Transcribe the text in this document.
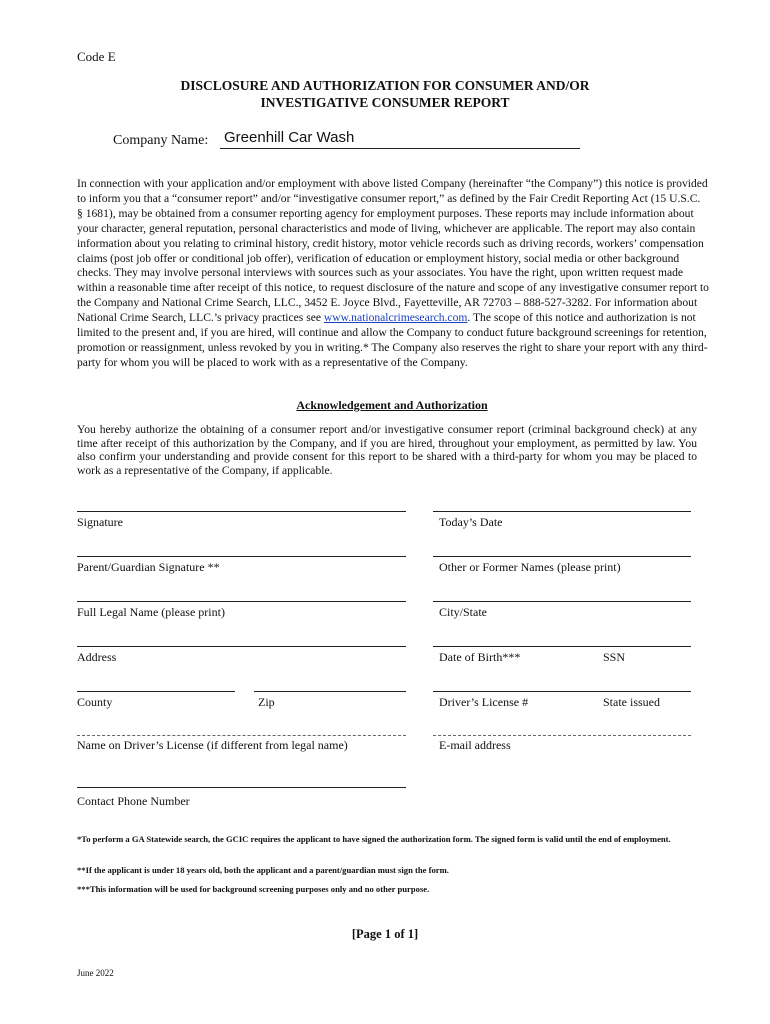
Code E
DISCLOSURE AND AUTHORIZATION FOR CONSUMER AND/OR
INVESTIGATIVE CONSUMER REPORT
Company Name: Greenhill Car Wash
In connection with your application and/or employment with above listed Company (hereinafter “the Company”) this notice is provided to inform you that a “consumer report” and/or “investigative consumer report,” as defined by the Fair Credit Reporting Act (15 U.S.C. § 1681), may be obtained from a consumer reporting agency for employment purposes. These reports may include information about your character, general reputation, personal characteristics and mode of living, whichever are applicable. The report may also contain information about you relating to criminal history, credit history, motor vehicle records such as driving records, workers’ compensation claims (post job offer or conditional job offer), verification of education or employment history, social media or other background checks. They may involve personal interviews with sources such as your associates. You have the right, upon written request made within a reasonable time after receipt of this notice, to request disclosure of the nature and scope of any investigative consumer report to the Company and National Crime Search, LLC., 3452 E. Joyce Blvd., Fayetteville, AR 72703 – 888-527-3282. For information about National Crime Search, LLC.’s privacy practices see www.nationalcrimesearch.com. The scope of this notice and authorization is not limited to the present and, if you are hired, will continue and allow the Company to conduct future background screenings for retention, promotion or reassignment, unless revoked by you in writing.* The Company also reserves the right to share your report with any third-party for whom you will be placed to work with as a representative of the Company.
Acknowledgement and Authorization
You hereby authorize the obtaining of a consumer report and/or investigative consumer report (criminal background check) at any time after receipt of this authorization by the Company, and if you are hired, throughout your employment, as permitted by law. You also confirm your understanding and provide consent for this report to be shared with a third-party for whom you may be placed to work as a representative of the Company, if applicable.
Signature	Today’s Date
Parent/Guardian Signature **	Other or Former Names (please print)
Full Legal Name (please print)	City/State
Address	Date of Birth***	SSN
County	Zip	Driver’s License #	State issued
Name on Driver’s License (if different from legal name)	E-mail address
Contact Phone Number
*To perform a GA Statewide search, the GCIC requires the applicant to have signed the authorization form. The signed form is valid until the end of employment.
**If the applicant is under 18 years old, both the applicant and a parent/guardian must sign the form.
***This information will be used for background screening purposes only and no other purpose.
[Page 1 of 1]
June 2022
